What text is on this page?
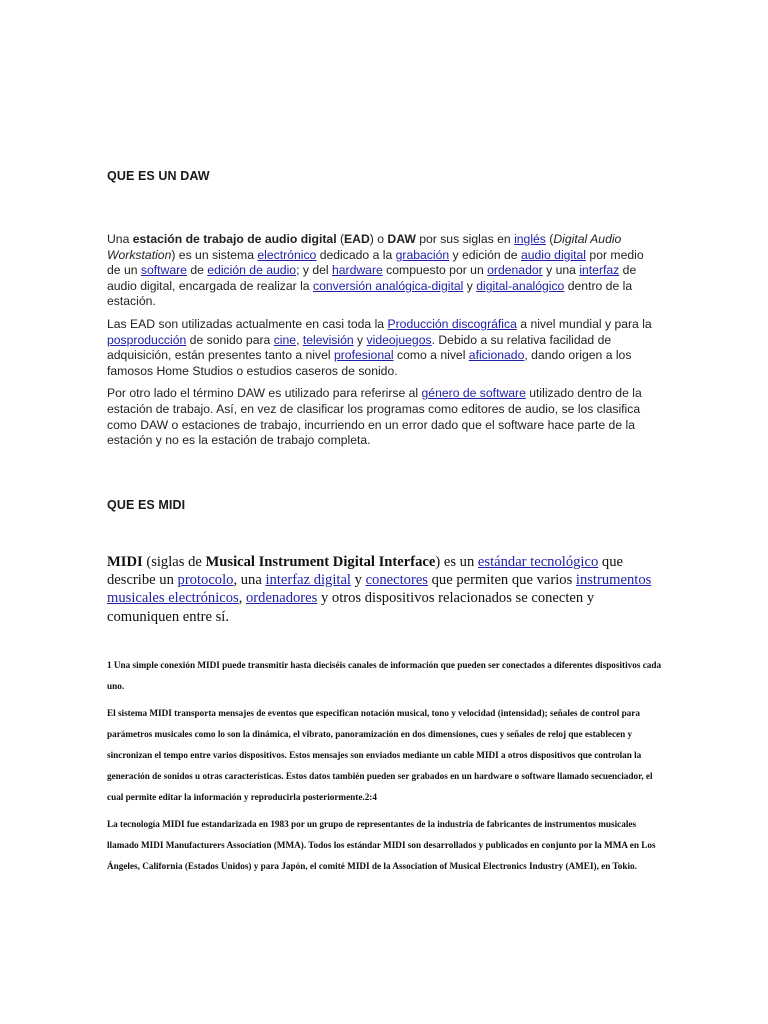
QUE ES UN DAW

Una estación de trabajo de audio digital (EAD) o DAW por sus siglas en inglés (Digital Audio Workstation) es un sistema electrónico dedicado a la grabación y edición de audio digital por medio de un software de edición de audio; y del hardware compuesto por un ordenador y una interfaz de audio digital, encargada de realizar la conversión analógica-digital y digital-analógico dentro de la estación.

Las EAD son utilizadas actualmente en casi toda la Producción discográfica a nivel mundial y para la posproducción de sonido para cine, televisión y videojuegos. Debido a su relativa facilidad de adquisición, están presentes tanto a nivel profesional como a nivel aficionado, dando origen a los famosos Home Studios o estudios caseros de sonido.

Por otro lado el término DAW es utilizado para referirse al género de software utilizado dentro de la estación de trabajo. Así, en vez de clasificar los programas como editores de audio, se los clasifica como DAW o estaciones de trabajo, incurriendo en un error dado que el software hace parte de la estación y no es la estación de trabajo completa.

QUE ES MIDI

MIDI (siglas de Musical Instrument Digital Interface) es un estándar tecnológico que describe un protocolo, una interfaz digital y conectores que permiten que varios instrumentos musicales electrónicos, ordenadores y otros dispositivos relacionados se conecten y comuniquen entre sí.

1 Una simple conexión MIDI puede transmitir hasta dieciséis canales de información que pueden ser conectados a diferentes dispositivos cada uno.

El sistema MIDI transporta mensajes de eventos que especifican notación musical, tono y velocidad (intensidad); señales de control para parámetros musicales como lo son la dinámica, el vibrato, panoramización en dos dimensiones, cues y señales de reloj que establecen y sincronizan el tempo entre varios dispositivos. Estos mensajes son enviados mediante un cable MIDI a otros dispositivos que controlan la generación de sonidos u otras características. Estos datos también pueden ser grabados en un hardware o software llamado secuenciador, el cual permite editar la información y reproducirla posteriormente.2:4

La tecnología MIDI fue estandarizada en 1983 por un grupo de representantes de la industria de fabricantes de instrumentos musicales llamado MIDI Manufacturers Association (MMA). Todos los estándar MIDI son desarrollados y publicados en conjunto por la MMA en Los Ángeles, California (Estados Unidos) y para Japón, el comité MIDI de la Association of Musical Electronics Industry (AMEI), en Tokio.
